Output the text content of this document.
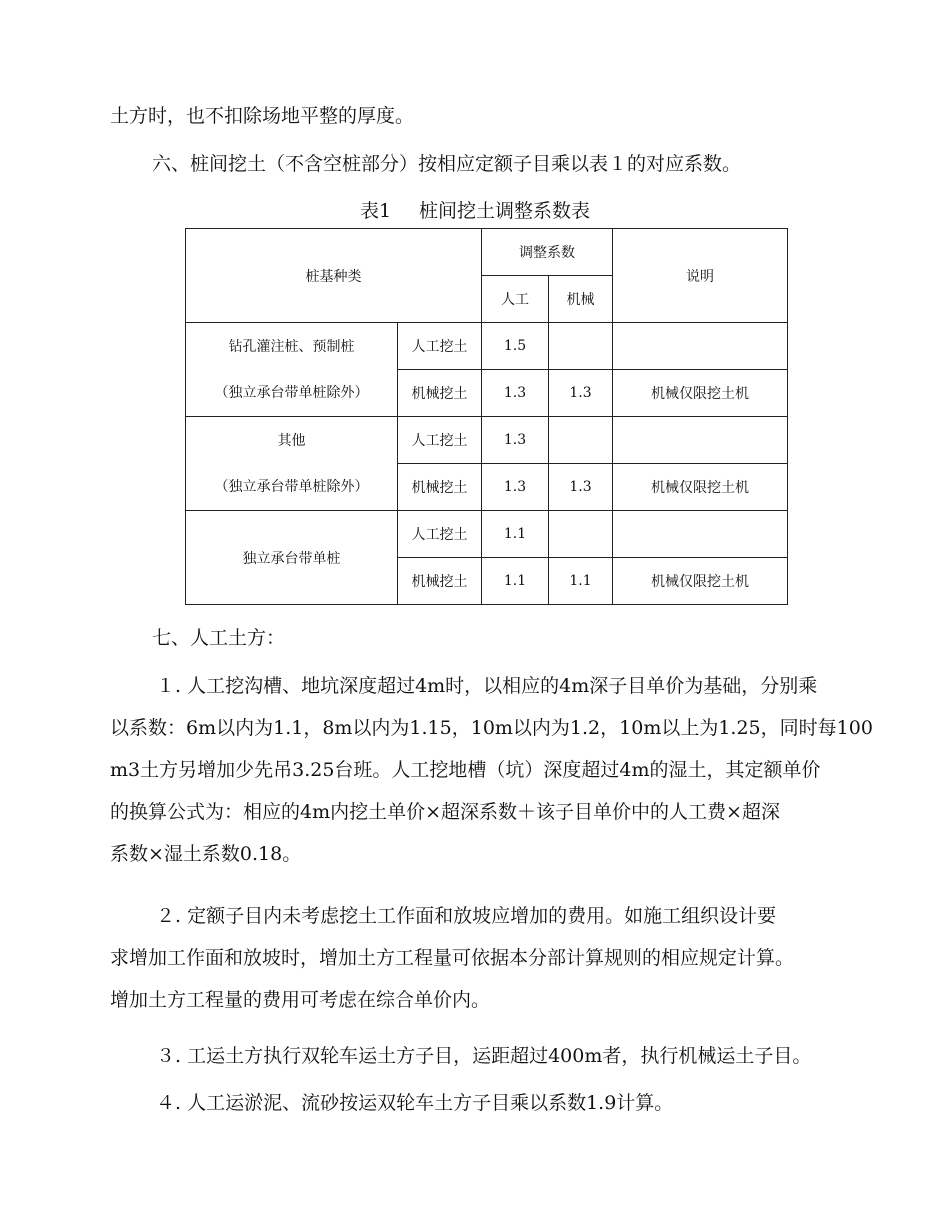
土方时，也不扣除场地平整的厚度。

六、桩间挖土（不含空桩部分）按相应定额子目乘以表１的对应系数。

表1 桩间挖土调整系数表
桩基种类		调整系数		说明
		人工	机械	

钻孔灌注桩、预制桩
（独立承台带单桩除外）	人工挖土	1.5		
	机械挖土	1.3	1.3	机械仅限挖土机

其他
（独立承台带单桩除外）	人工挖土	1.3		
	机械挖土	1.3	1.3	机械仅限挖土机
独立承台带单桩	人工挖土	1.1		
	机械挖土	1.1	1.1	机械仅限挖土机

七、人工土方：

１. 人工挖沟槽、地坑深度超过4m时，以相应的4m深子目单价为基础，分别乘
以系数：6m以内为1.1，8m以内为1.15，10m以内为1.2，10m以上为1.25，同时每100
m3土方另增加少先吊3.25台班。人工挖地槽（坑）深度超过4m的湿土，其定额单价
的换算公式为：相应的4m内挖土单价×超深系数＋该子目单价中的人工费×超深
系数×湿土系数0.18。

２. 定额子目内未考虑挖土工作面和放坡应增加的费用。如施工组织设计要
求增加工作面和放坡时，增加土方工程量可依据本分部计算规则的相应规定计算。
增加土方工程量的费用可考虑在综合单价内。

３. 工运土方执行双轮车运土方子目，运距超过400m者，执行机械运土子目。

４. 人工运淤泥、流砂按运双轮车土方子目乘以系数1.9计算。
